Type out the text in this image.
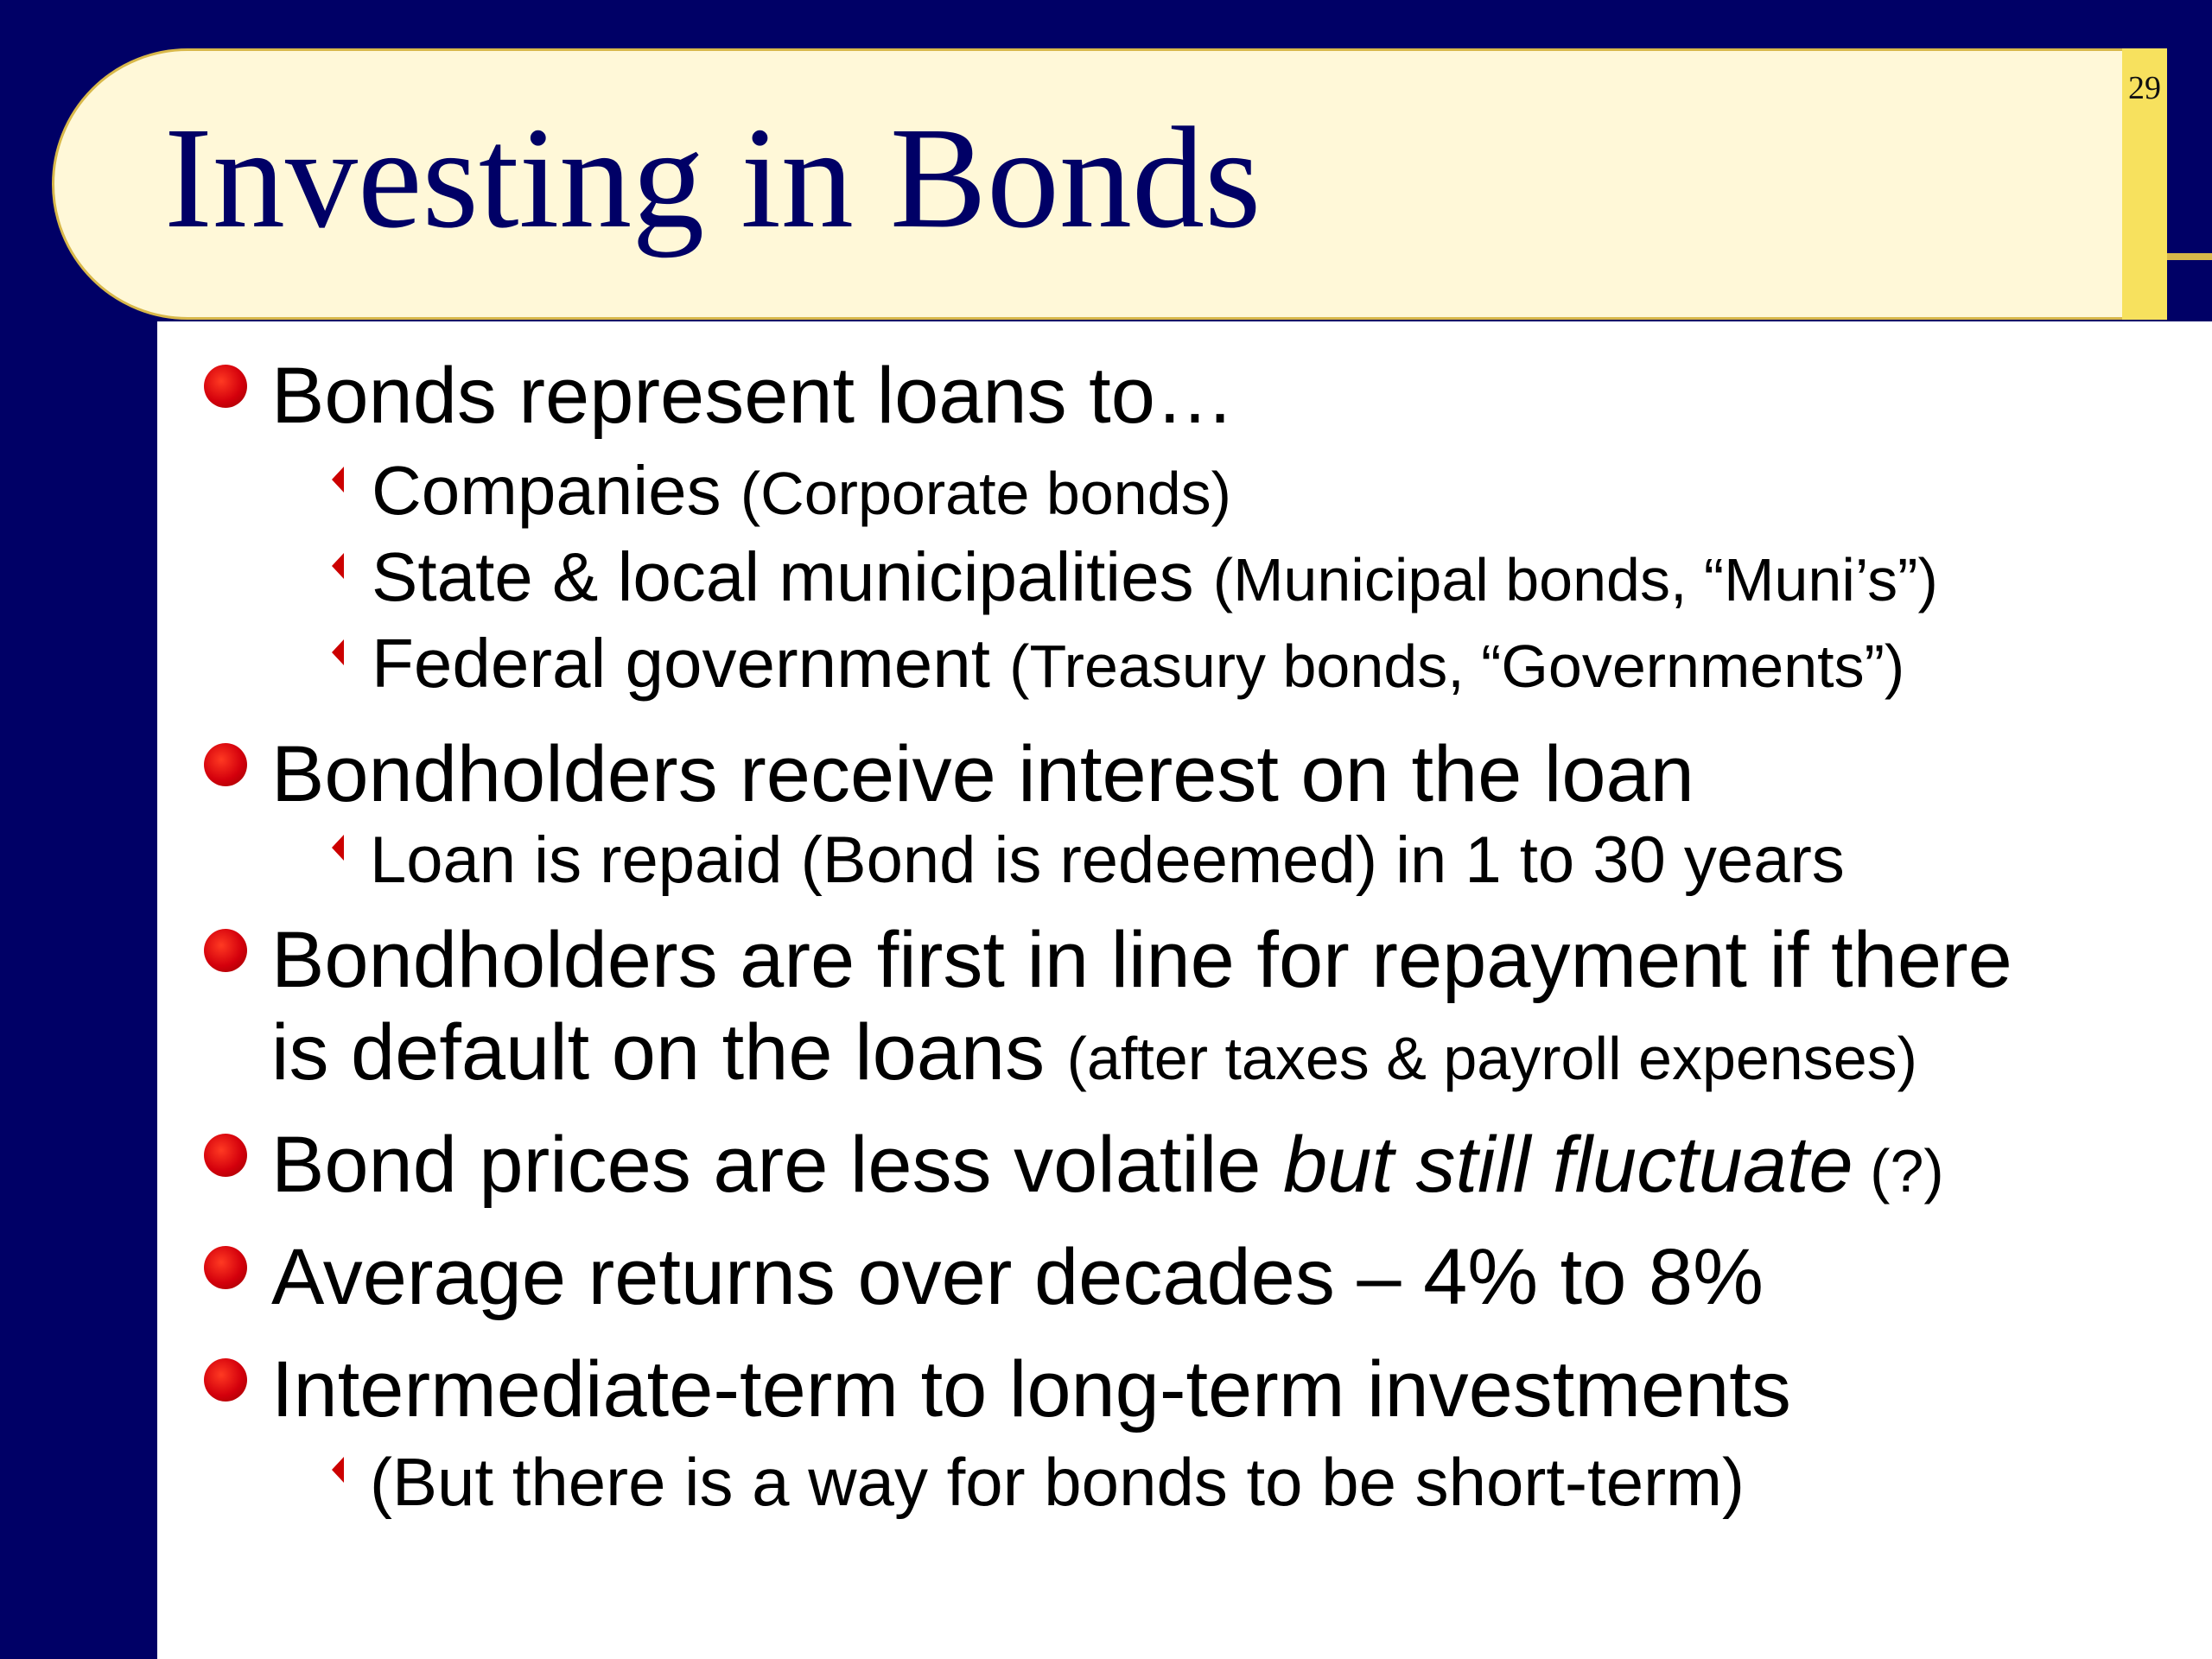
29
Investing in Bonds

Bonds represent loans to…

Companies (Corporate bonds)

State & local municipalities (Municipal bonds, “Muni’s”)

Federal government (Treasury bonds, “Governments”)

Bondholders receive interest on the loan

Loan is repaid (Bond is redeemed) in 1 to 30 years

Bondholders are first in line for repayment if there

is default on the loans (after taxes & payroll expenses)

Bond prices are less volatile but still fluctuate (?)

Average returns over decades – 4% to 8%

Intermediate-term to long-term investments

(But there is a way for bonds to be short-term)
